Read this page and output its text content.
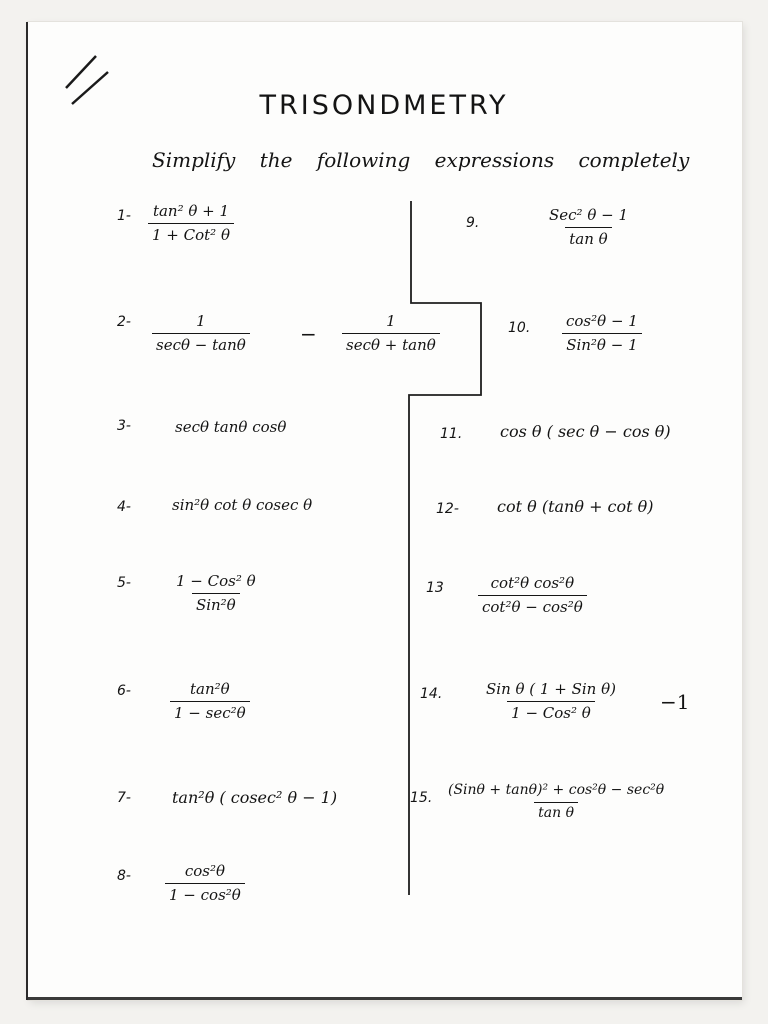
TRISONDMETRY
Simplify the following expressions completely
1- tan² θ + 1
1 + Cot² θ
9.	Sec² θ − 1
tan θ
2-	1
secθ − tanθ	−
1
secθ + tanθ
10. cos²θ − 1
Sin²θ − 1
3-	secθ tanθ cosθ	11. cos θ ( sec θ − cos θ)
4-	sin²θ cot θ cosec θ	12- cot θ (tanθ + cot θ)
5-	1 − Cos² θ
Sin²θ
$13 \frac{\text{cot²θ cos²θ}}{\text{cot²θ − cos²θ}}$
6-	tan²θ
1 − sec²θ
14.	Sin θ ( 1 + Sin θ)
1 − Cos² θ	−1
7-	tan²θ ( cosec² θ − 1)	15. (Sinθ + tanθ)² + cos²θ − sec²θ
tan θ
$8- \frac{\text{cos²θ}}{\text{1 − cos²θ}}$
